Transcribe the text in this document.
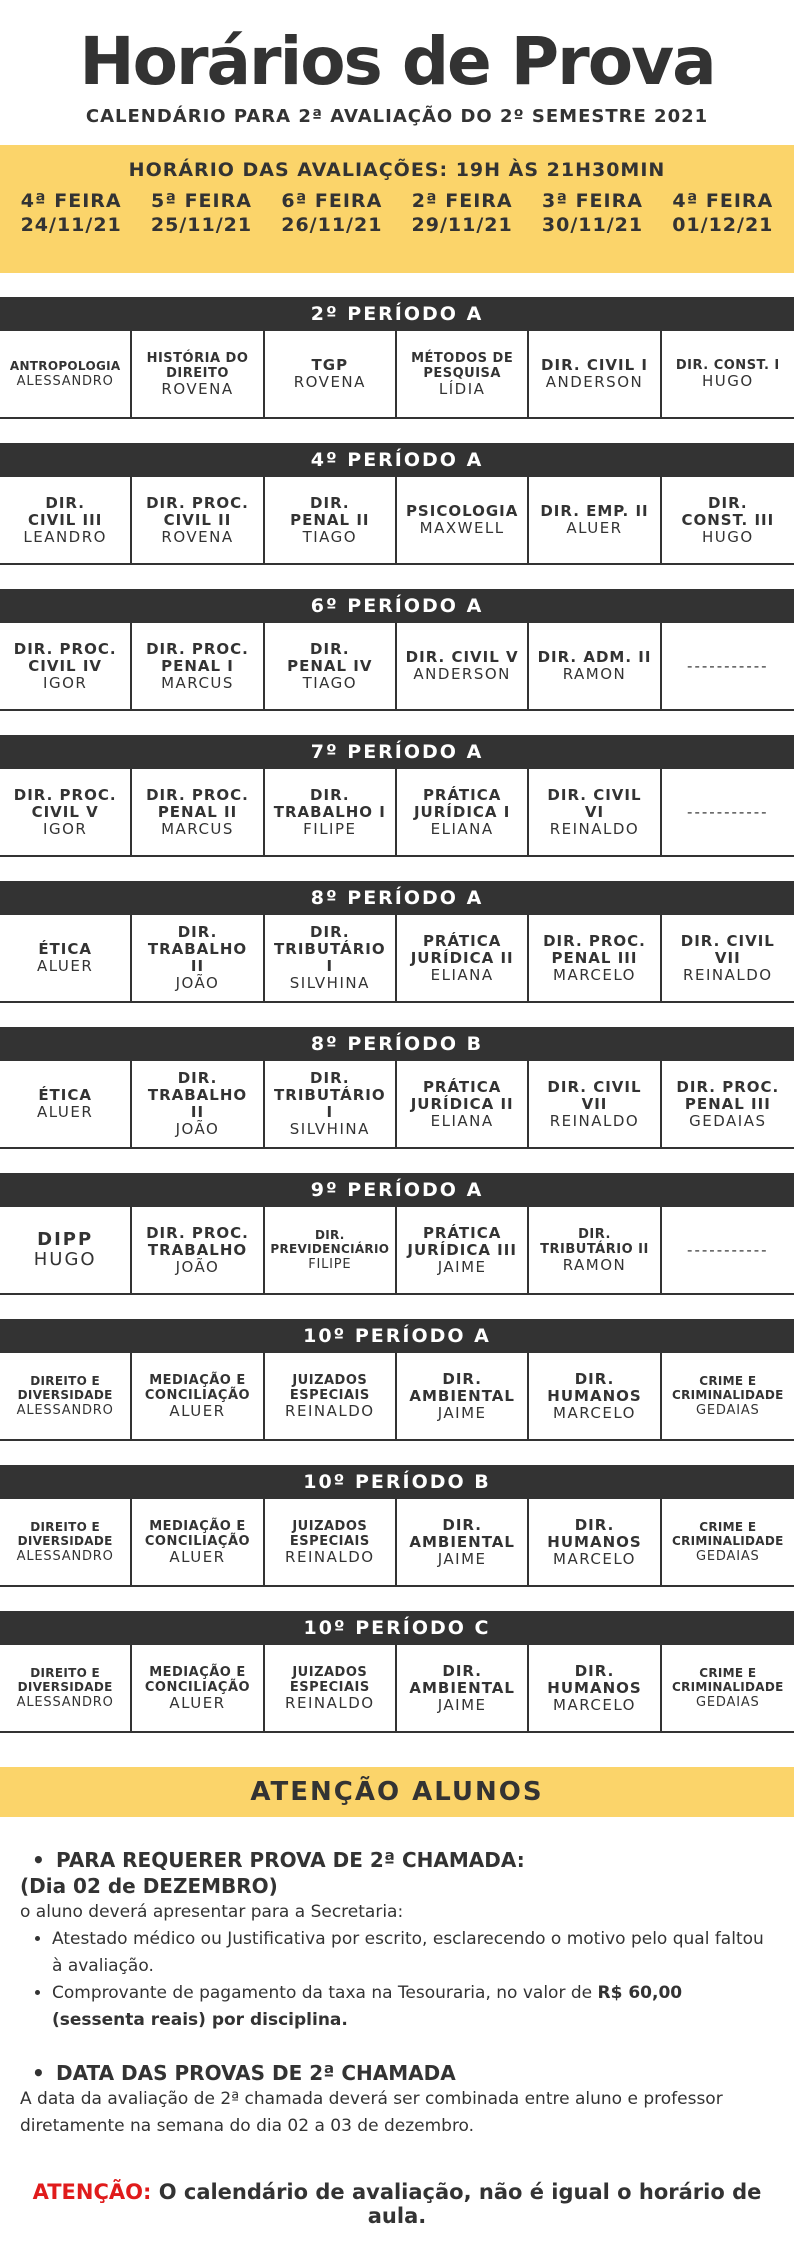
Horários de Prova
CALENDÁRIO PARA 2ª AVALIAÇÃO DO 2º SEMESTRE 2021
HORÁRIO DAS AVALIAÇÕES: 19H ÀS 21H30MIN
4ª FEIRA
24/11/21
5ª FEIRA
25/11/21
6ª FEIRA
26/11/21
2ª FEIRA
29/11/21
3ª FEIRA
30/11/21
4ª FEIRA
01/12/21
2º PERÍODO A
ANTROPOLOGIA
ALESSANDRO
HISTÓRIA DO
DIREITO
ROVENA
TGP
ROVENA
MÉTODOS DE
PESQUISA
LÍDIA
DIR. CIVIL I
ANDERSON
DIR. CONST. I
HUGO
4º PERÍODO A
DIR.
CIVIL III
LEANDRO
DIR. PROC.
CIVIL II
ROVENA
DIR.
PENAL II
TIAGO
PSICOLOGIA
MAXWELL
DIR. EMP. II
ALUER
DIR.
CONST. III
HUGO
6º PERÍODO A
DIR. PROC.
CIVIL IV
IGOR
DIR. PROC.
PENAL I
MARCUS
DIR.
PENAL IV
TIAGO
DIR. CIVIL V
ANDERSON
DIR. ADM. II
RAMON	-----------
7º PERÍODO A
DIR. PROC.
CIVIL V
IGOR
DIR. PROC.
PENAL II
MARCUS
DIR.
TRABALHO I
FILIPE
PRÁTICA
JURÍDICA I
ELIANA
DIR. CIVIL
VI
REINALDO
-----------
8º PERÍODO A
ÉTICA
ALUER
DIR.
TRABALHO
II
JOÃO
DIR.
TRIBUTÁRIO
I
SILVHINA
PRÁTICA
JURÍDICA II
ELIANA
DIR. PROC.
PENAL III
MARCELO
DIR. CIVIL
VII
REINALDO
8º PERÍODO B
ÉTICA
ALUER
DIR.
TRABALHO
II
JOÃO
DIR.
TRIBUTÁRIO
I
SILVHINA
PRÁTICA
JURÍDICA II
ELIANA
DIR. CIVIL
VII
REINALDO
DIR. PROC.
PENAL III
GEDAIAS
9º PERÍODO A
DIPP
HUGO
DIR. PROC.
TRABALHO
JOÃO
DIR.
PREVIDENCIÁRIO
FILIPE
PRÁTICA
JURÍDICA III
JAIME
DIR.
TRIBUTÁRIO II
RAMON
-----------
10º PERÍODO A
DIREITO E
DIVERSIDADE
ALESSANDRO
MEDIAÇÃO E
CONCILIAÇÃO
ALUER
JUIZADOS
ESPECIAIS
REINALDO
DIR.
AMBIENTAL
JAIME
DIR.
HUMANOS
MARCELO
CRIME E
CRIMINALIDADE
GEDAIAS
10º PERÍODO B
DIREITO E
DIVERSIDADE
ALESSANDRO
MEDIAÇÃO E
CONCILIAÇÃO
ALUER
JUIZADOS
ESPECIAIS
REINALDO
DIR.
AMBIENTAL
JAIME
DIR.
HUMANOS
MARCELO
CRIME E
CRIMINALIDADE
GEDAIAS
10º PERÍODO C
DIREITO E
DIVERSIDADE
ALESSANDRO
MEDIAÇÃO E
CONCILIAÇÃO
ALUER
JUIZADOS
ESPECIAIS
REINALDO
DIR.
AMBIENTAL
JAIME
DIR.
HUMANOS
MARCELO
CRIME E
CRIMINALIDADE
GEDAIAS
ATENÇÃO ALUNOS
• PARA REQUERER PROVA DE 2ª CHAMADA:
(Dia 02 de DEZEMBRO)
o aluno deverá apresentar para a Secretaria:
• Atestado médico ou Justificativa por escrito, esclarecendo o motivo pelo qual faltou à avaliação.
• Comprovante de pagamento da taxa na Tesouraria, no valor de R$ 60,00 (sessenta reais) por disciplina.
• DATA DAS PROVAS DE 2ª CHAMADA
A data da avaliação de 2ª chamada deverá ser combinada entre aluno e professor diretamente na semana do dia 02 a 03 de dezembro.
ATENÇÃO: O calendário de avaliação, não é igual o horário de aula.
